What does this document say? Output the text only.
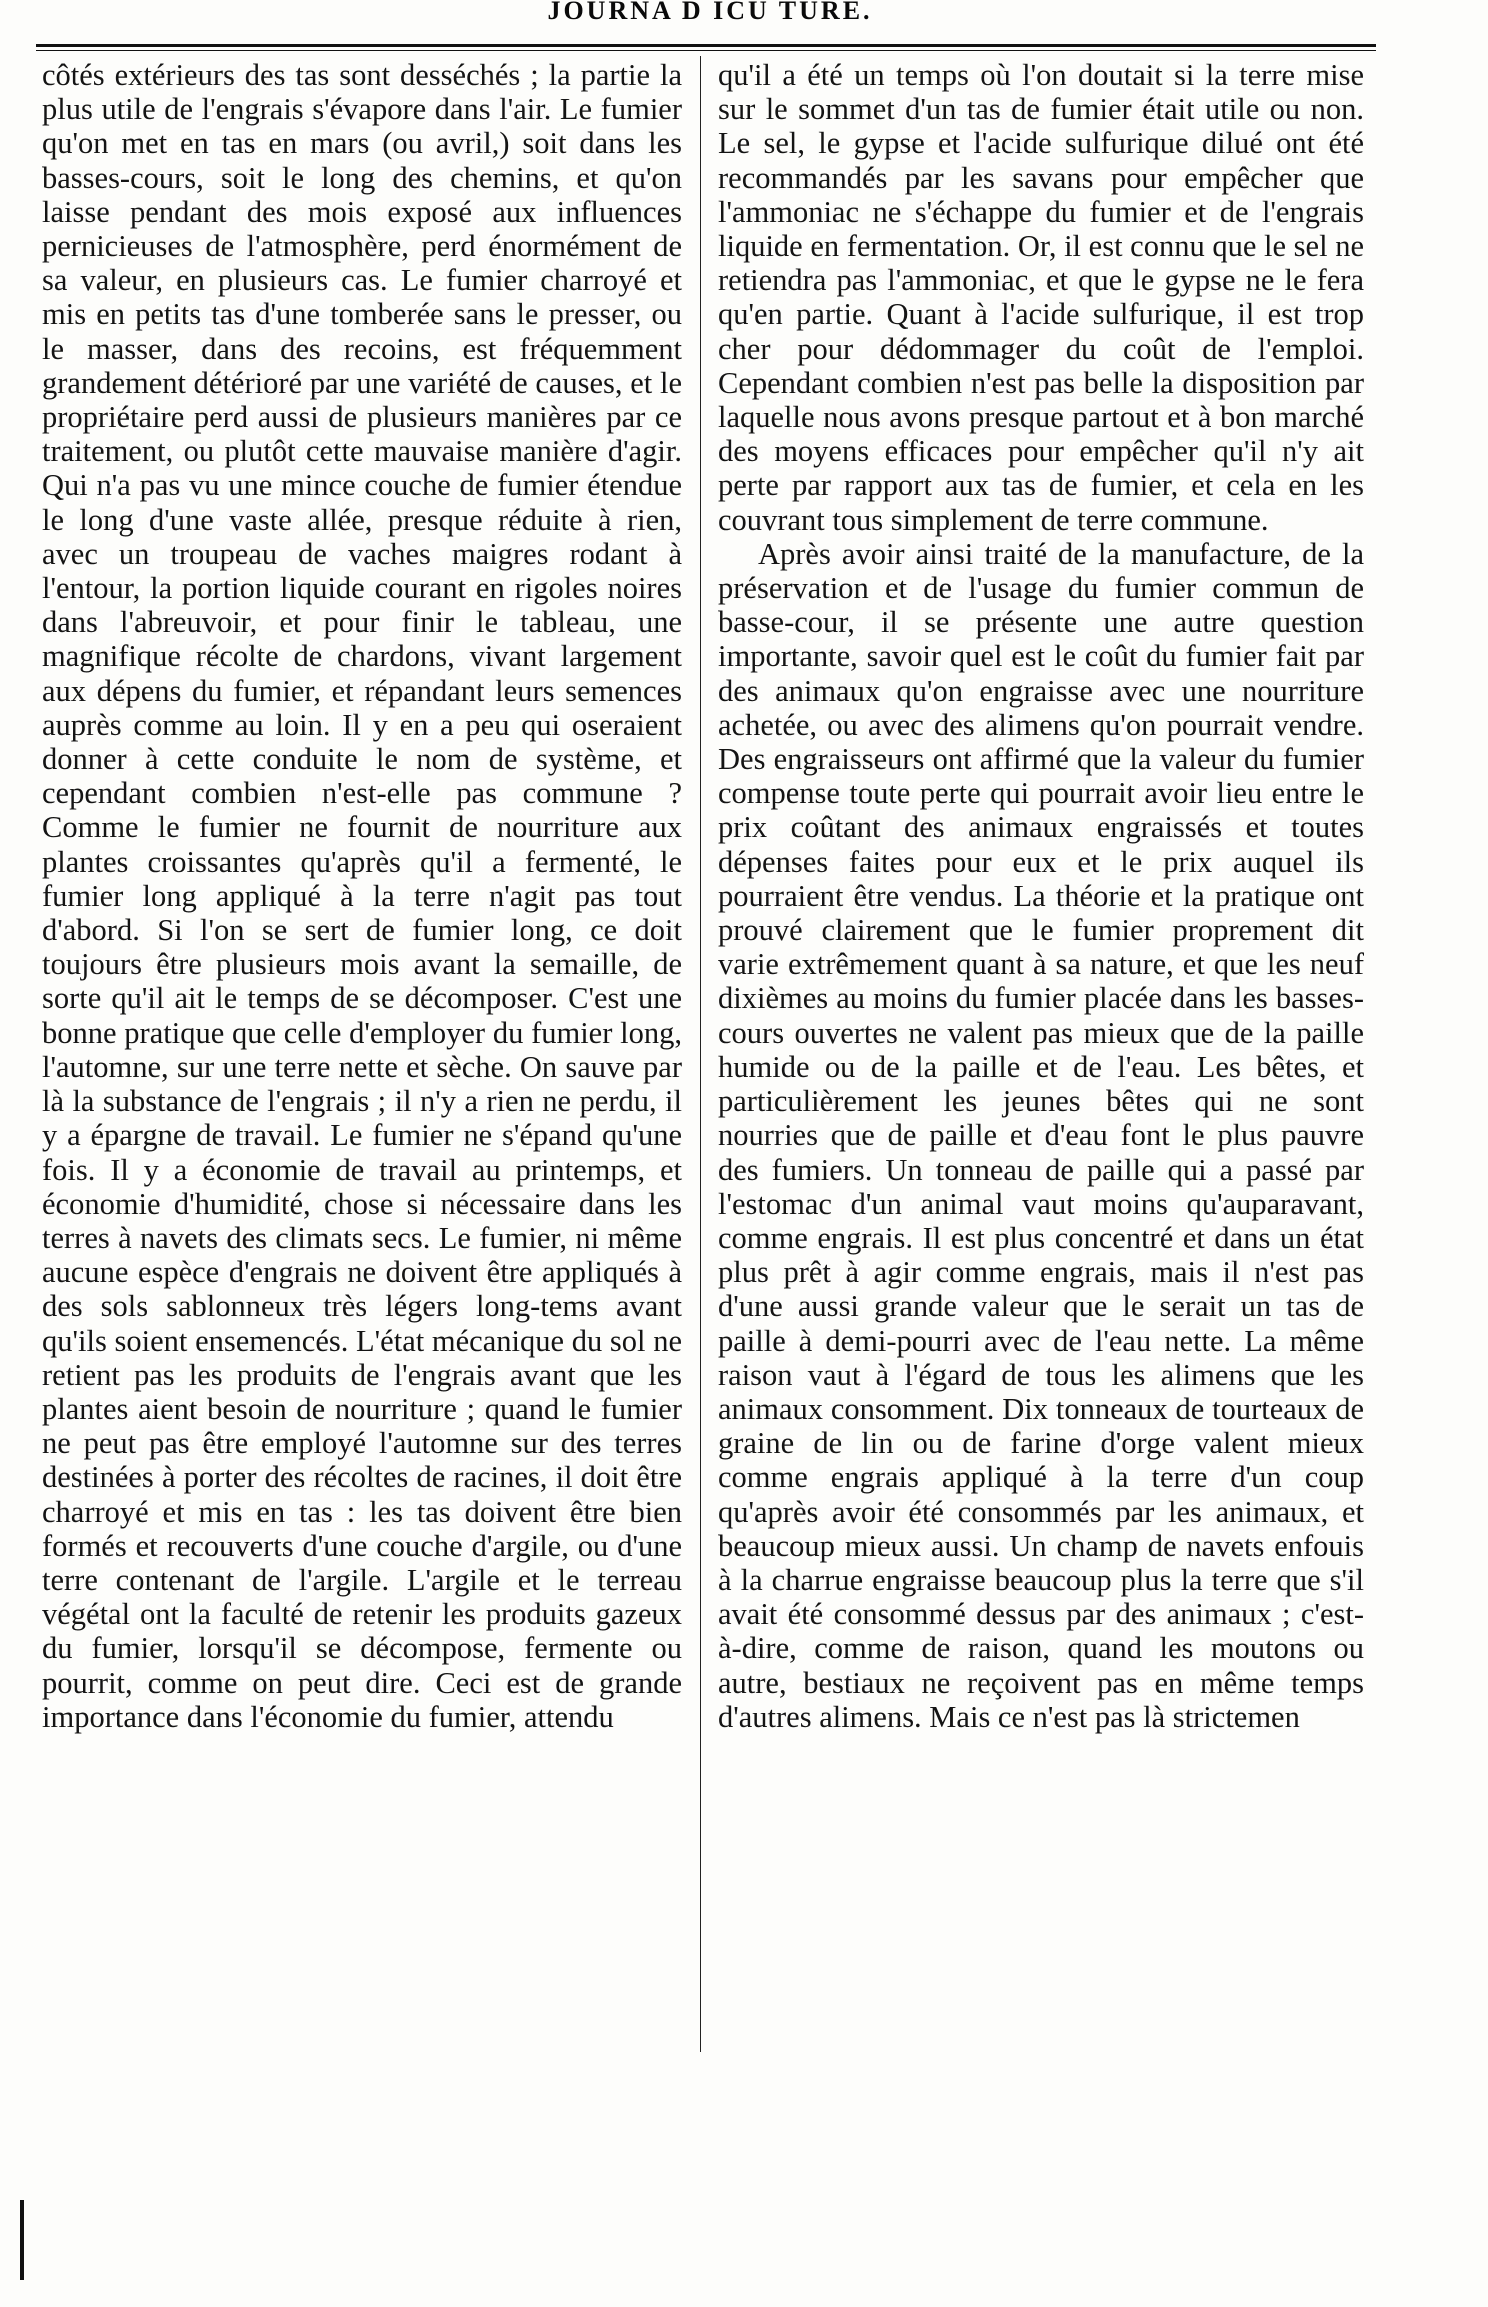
JOURNA D ICU TURE.

côtés extérieurs des tas sont desséchés ; la partie la plus utile de l'engrais s'évapore dans l'air. Le fumier qu'on met en tas en mars (ou avril,) soit dans les basses-cours, soit le long des chemins, et qu'on laisse pendant des mois exposé aux influences pernicieuses de l'atmosphère, perd énormément de sa valeur, en plusieurs cas. Le fumier charroyé et mis en petits tas d'une tomberée sans le presser, ou le masser, dans des recoins, est fréquemment grandement détérioré par une variété de causes, et le propriétaire perd aussi de plusieurs manières par ce traitement, ou plutôt cette mauvaise manière d'agir. Qui n'a pas vu une mince couche de fumier étendue le long d'une vaste allée, presque réduite à rien, avec un troupeau de vaches maigres rodant à l'entour, la portion liquide courant en rigoles noires dans l'abreuvoir, et pour finir le tableau, une magnifique récolte de chardons, vivant largement aux dépens du fumier, et répandant leurs semences auprès comme au loin. Il y en a peu qui oseraient donner à cette conduite le nom de système, et cependant combien n'est-elle pas commune ? Comme le fumier ne fournit de nourriture aux plantes croissantes qu'après qu'il a fermenté, le fumier long appliqué à la terre n'agit pas tout d'abord. Si l'on se sert de fumier long, ce doit toujours être plusieurs mois avant la semaille, de sorte qu'il ait le temps de se décomposer. C'est une bonne pratique que celle d'employer du fumier long, l'automne, sur une terre nette et sèche. On sauve par là la substance de l'engrais ; il n'y a rien ne perdu, il y a épargne de travail. Le fumier ne s'épand qu'une fois. Il y a économie de travail au printemps, et économie d'humidité, chose si nécessaire dans les terres à navets des climats secs. Le fumier, ni même aucune espèce d'engrais ne doivent être appliqués à des sols sablonneux très légers long-tems avant qu'ils soient ensemencés. L'état mécanique du sol ne retient pas les produits de l'engrais avant que les plantes aient besoin de nourriture ; quand le fumier ne peut pas être employé l'automne sur des terres destinées à porter des récoltes de racines, il doit être charroyé et mis en tas : les tas doivent être bien formés et recouverts d'une couche d'argile, ou d'une terre contenant de l'argile. L'argile et le terreau végétal ont la faculté de retenir les produits gazeux du fumier, lorsqu'il se décompose, fermente ou pourrit, comme on peut dire. Ceci est de grande importance dans l'économie du fumier, attendu

qu'il a été un temps où l'on doutait si la terre mise sur le sommet d'un tas de fumier était utile ou non. Le sel, le gypse et l'acide sulfurique dilué ont été recommandés par les savans pour empêcher que l'ammoniac ne s'échappe du fumier et de l'engrais liquide en fermentation. Or, il est connu que le sel ne retiendra pas l'ammoniac, et que le gypse ne le fera qu'en partie. Quant à l'acide sulfurique, il est trop cher pour dédommager du coût de l'emploi. Cependant combien n'est pas belle la disposition par laquelle nous avons presque partout et à bon marché des moyens efficaces pour empêcher qu'il n'y ait perte par rapport aux tas de fumier, et cela en les couvrant tous simplement de terre commune.

Après avoir ainsi traité de la manufacture, de la préservation et de l'usage du fumier commun de basse-cour, il se présente une autre question importante, savoir quel est le coût du fumier fait par des animaux qu'on engraisse avec une nourriture achetée, ou avec des alimens qu'on pourrait vendre. Des engraisseurs ont affirmé que la valeur du fumier compense toute perte qui pourrait avoir lieu entre le prix coûtant des animaux engraissés et toutes dépenses faites pour eux et le prix auquel ils pourraient être vendus. La théorie et la pratique ont prouvé clairement que le fumier proprement dit varie extrêmement quant à sa nature, et que les neuf dixièmes au moins du fumier placée dans les basses-cours ouvertes ne valent pas mieux que de la paille humide ou de la paille et de l'eau. Les bêtes, et particulièrement les jeunes bêtes qui ne sont nourries que de paille et d'eau font le plus pauvre des fumiers. Un tonneau de paille qui a passé par l'estomac d'un animal vaut moins qu'auparavant, comme engrais. Il est plus concentré et dans un état plus prêt à agir comme engrais, mais il n'est pas d'une aussi grande valeur que le serait un tas de paille à demi-pourri avec de l'eau nette. La même raison vaut à l'égard de tous les alimens que les animaux consomment. Dix tonneaux de tourteaux de graine de lin ou de farine d'orge valent mieux comme engrais appliqué à la terre d'un coup qu'après avoir été consommés par les animaux, et beaucoup mieux aussi. Un champ de navets enfouis à la charrue engraisse beaucoup plus la terre que s'il avait été consommé dessus par des animaux ; c'est-à-dire, comme de raison, quand les moutons ou autre, bestiaux ne reçoivent pas en même temps d'autres alimens. Mais ce n'est pas là strictemen
